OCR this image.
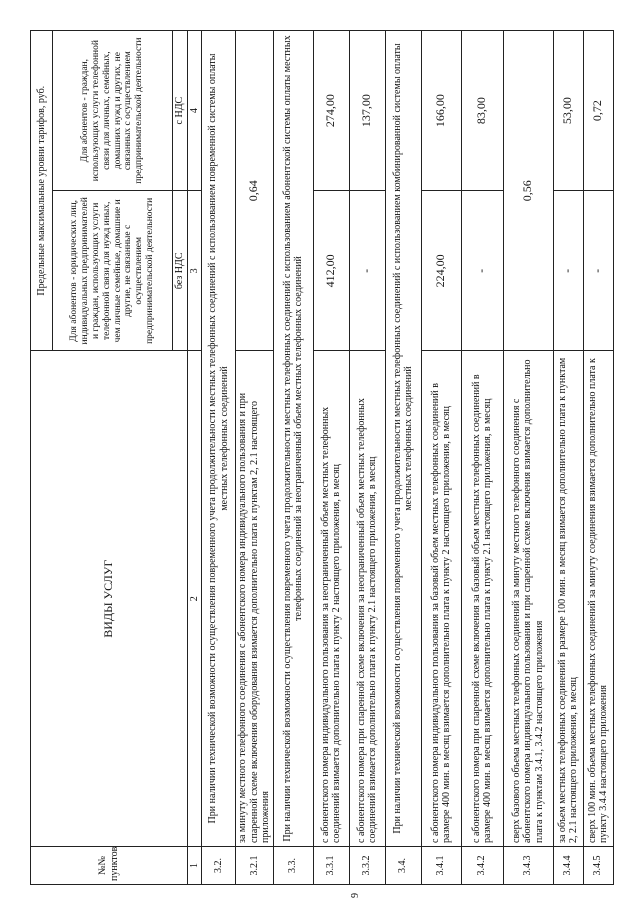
9
№№ пунктов	ВИДЫ УСЛУГ	Предельные максимальные уровни тарифов, руб.	
		Для абонентов - юридических лиц, индивидуальных предпринимателей и граждан, использующих услуги телефонной связи для нужд иных, чем личные семейные, домашние и другие, не связанные с осуществлением предпринимательской деятельности	Для абонентов - граждан, использующих услуги телефонной связи для личных, семейных, домашних нужд и других, не связанных с осуществлением предпринимательской деятельности
		без НДС	с НДС
1	2	3	4
3.2.	При наличии технической возможности осуществления повременного учета продолжительности местных телефонных соединений с использованием повременной системы оплаты местных телефонных соединений		
3.2.1	за минуту местного телефонного соединения с абонентского номера индивидуального пользования и при спаренной схеме включения оборудования взимается дополнительно плата к пунктам 2, 2.1 настоящего приложения	0,64	
3.3.	При наличии технической возможности осуществления повременного учета продолжительности местных телефонных соединений с использованием абонентской системы оплаты местных телефонных соединений за неограниченный объем местных телефонных соединений		
3.3.1	с абонентского номера индивидуального пользования за неограниченный объем местных телефонных соединений взимается дополнительно плата к пункту 2 настоящего приложения, в месяц	412,00	274,00
3.3.2	с абонентского номера при спаренной схеме включения за неограниченный объем местных телефонных соединений взимается дополнительно плата к пункту 2.1 настоящего приложения, в месяц	-	137,00
3.4.	При наличии технической возможности осуществления повременного учета продолжительности местных телефонных соединений с использованием комбинированной системы оплаты местных телефонных соединений		
3.4.1	с абонентского номера индивидуального пользования за базовый объем местных телефонных соединений в размере 400 мин. в месяц взимается дополнительно плата к пункту 2 настоящего приложения, в месяц	224,00	166,00
3.4.2	с абонентского номера при спаренной схеме включения за базовый объем местных телефонных соединений в размере 400 мин. в месяц взимается дополнительно плата к пункту 2.1 настоящего приложения, в месяц	-	83,00
3.4.3	сверх базового объема местных телефонных соединений за минуту местного телефонного соединения с абонентского номера индивидуального пользования и при спаренной схеме включения взимается дополнительно плата к пунктам 3.4.1, 3.4.2 настоящего приложения	0,56	
3.4.4	за объем местных телефонных соединений в размере 100 мин. в месяц взимается дополнительно плата к пунктам 2, 2.1 настоящего приложения, в месяц	-	53,00
3.4.5	сверх 100 мин. объема местных телефонных соединений за минуту соединения взимается дополнительно плата к пункту 3.4.4 настоящего приложения	-	0,72
